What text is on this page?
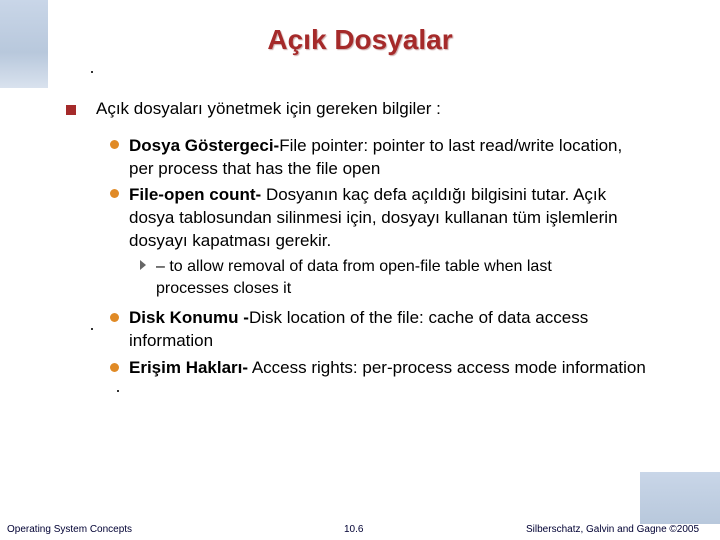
Açık Dosyalar
Açık dosyaları yönetmek için gereken bilgiler :
Dosya Göstergeci-File pointer: pointer to last read/write location, per process that has the file open
File-open count- Dosyanın kaç defa açıldığı bilgisini tutar. Açık dosya tablosundan silinmesi için, dosyayı kullanan tüm işlemlerin dosyayı kapatması gerekir.
– to allow removal of data from open-file table when last processes closes it
Disk Konumu -Disk location of the file: cache of data access information
Erişim Hakları- Access rights: per-process access mode information
Operating System Concepts	10.6	Silberschatz, Galvin and Gagne ©2005
